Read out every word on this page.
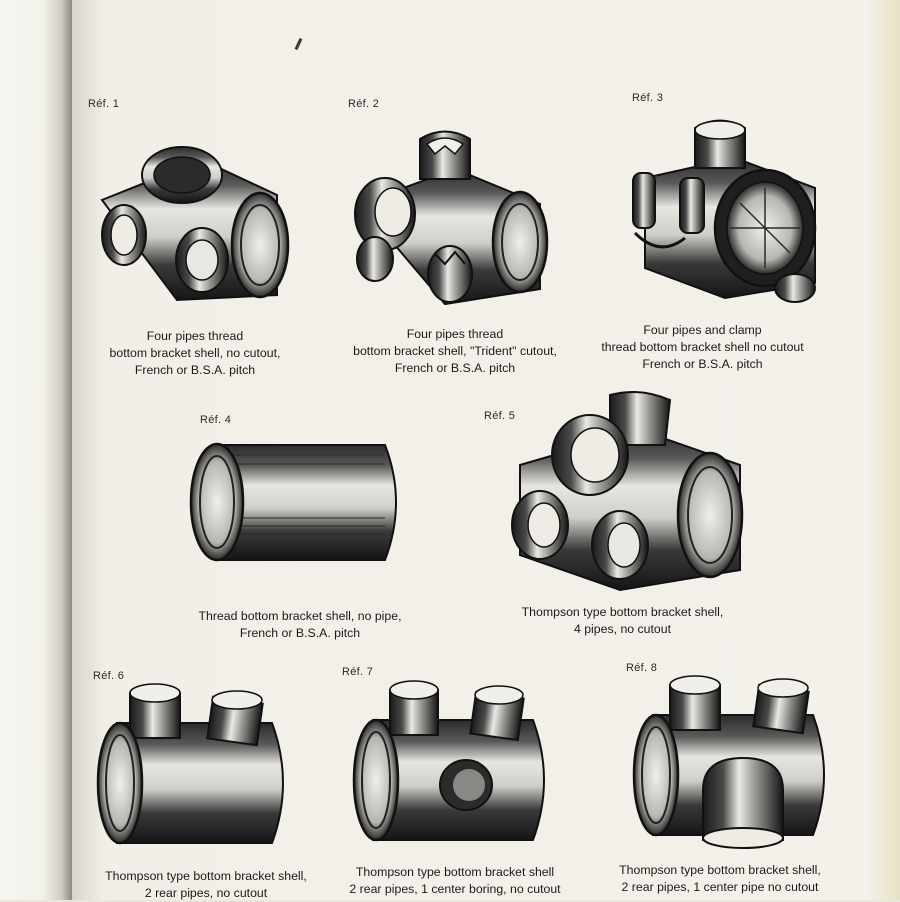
Réf. 1
Four pipes thread
bottom bracket shell, no cutout,
French or B.S.A. pitch
Réf. 2
Four pipes thread
bottom bracket shell, "Trident" cutout,
French or B.S.A. pitch
Réf. 3
Four pipes and clamp
thread bottom bracket shell no cutout
French or B.S.A. pitch
Réf. 4
Thread bottom bracket shell, no pipe,
French or B.S.A. pitch
Réf. 5
Thompson type bottom bracket shell,
4 pipes, no cutout
Réf. 6
Thompson type bottom bracket shell,
2 rear pipes, no cutout
Réf. 7
Thompson type bottom bracket shell
2 rear pipes, 1 center boring, no cutout
Réf. 8
Thompson type bottom bracket shell,
2 rear pipes, 1 center pipe no cutout
